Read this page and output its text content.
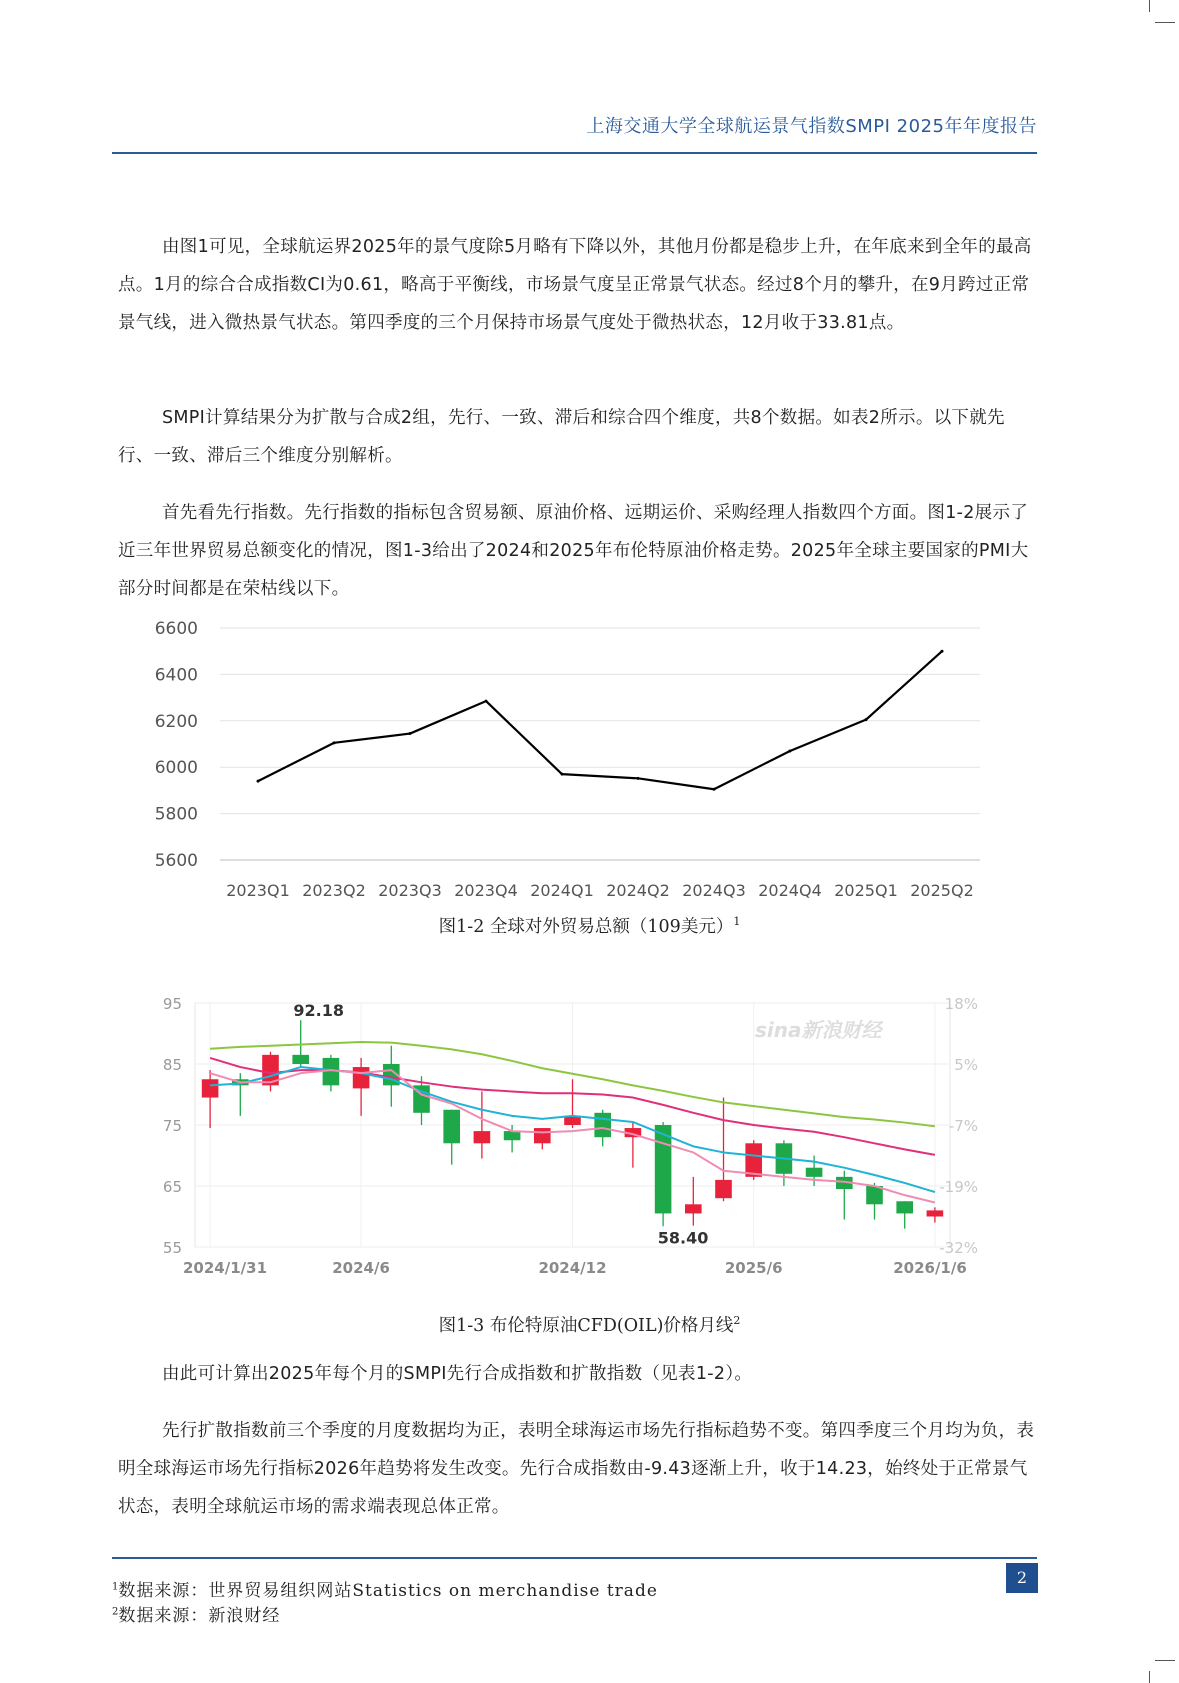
上海交通大学全球航运景气指数SMPI 2025年年度报告

由图1可见，全球航运界2025年的景气度除5月略有下降以外，其他月份都是稳步上升，在年底来到全年的最高点。1月的综合合成指数CI为0.61，略高于平衡线，市场景气度呈正常景气状态。经过8个月的攀升，在9月跨过正常景气线，进入微热景气状态。第四季度的三个月保持市场景气度处于微热状态，12月收于33.81点。

SMPI计算结果分为扩散与合成2组，先行、一致、滞后和综合四个维度，共8个数据。如表2所示。以下就先行、一致、滞后三个维度分别解析。

首先看先行指数。先行指数的指标包含贸易额、原油价格、远期运价、采购经理人指数四个方面。图1-2展示了近三年世界贸易总额变化的情况，图1-3给出了2024和2025年布伦特原油价格走势。2025年全球主要国家的PMI大部分时间都是在荣枯线以下。

5600
5800
6000
6200
6400
6600
2023Q1 2023Q2 2023Q3 2023Q4 2024Q1 2024Q2 2024Q3 2024Q4 2025Q1 2025Q2
图1-2 全球对外贸易总额（109美元）$^1$
55
65
75
85
95	18%
5%
-7%
-19%
-32%
2024/1/31	2024/6	2024/12	2025/6	2026/1/6
sina新浪财经
92.18
58.40
图1-3 布伦特原油CFD(OIL)价格月线$^2$

由此可计算出2025年每个月的SMPI先行合成指数和扩散指数（见表1-2）。

先行扩散指数前三个季度的月度数据均为正，表明全球海运市场先行指标趋势不变。第四季度三个月均为负，表明全球海运市场先行指标2026年趋势将发生改变。先行合成指数由-9.43逐渐上升，收于14.23，始终处于正常景气状态，表明全球航运市场的需求端表现总体正常。

2
$^1$数据来源：世界贸易组织网站Statistics on merchandise trade
$^2$数据来源：新浪财经
